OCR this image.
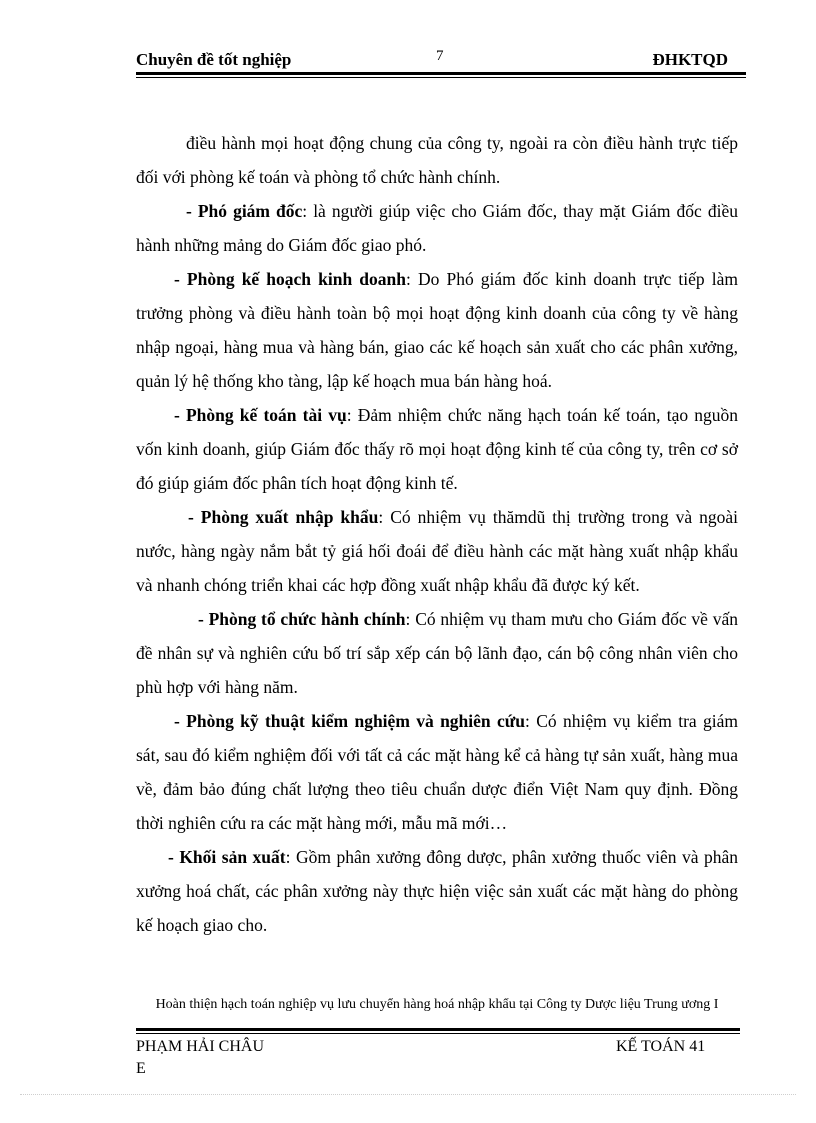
Chuyên đề tốt nghiệp	7	ĐHKTQD

điều hành mọi hoạt động chung của công ty, ngoài ra còn điều hành trực tiếp đối với phòng kế toán và phòng tổ chức hành chính.

- Phó giám đốc: là người giúp việc cho Giám đốc, thay mặt Giám đốc điều hành những mảng do Giám đốc giao phó.

- Phòng kế hoạch kinh doanh: Do Phó giám đốc kinh doanh trực tiếp làm trưởng phòng và điều hành toàn bộ mọi hoạt động kinh doanh của công ty về hàng nhập ngoại, hàng mua và hàng bán, giao các kế hoạch sản xuất cho các phân xưởng, quản lý hệ thống kho tàng, lập kế hoạch mua bán hàng hoá.

- Phòng kế toán tài vụ: Đảm nhiệm chức năng hạch toán kế toán, tạo nguồn vốn kinh doanh, giúp Giám đốc thấy rõ mọi hoạt động kinh tế của công ty, trên cơ sở đó giúp giám đốc phân tích hoạt động kinh tế.

- Phòng xuất nhập khẩu: Có nhiệm vụ thămdũ thị trường trong và ngoài nước, hàng ngày nắm bắt tỷ giá hối đoái để điều hành các mặt hàng xuất nhập khẩu và nhanh chóng triển khai các hợp đồng xuất nhập khẩu đã được ký kết.

- Phòng tổ chức hành chính: Có nhiệm vụ tham mưu cho Giám đốc về vấn đề nhân sự và nghiên cứu bố trí sắp xếp cán bộ lãnh đạo, cán bộ công nhân viên cho phù hợp với hàng năm.

- Phòng kỹ thuật kiểm nghiệm và nghiên cứu: Có nhiệm vụ kiểm tra giám sát, sau đó kiểm nghiệm đối với tất cả các mặt hàng kể cả hàng tự sản xuất, hàng mua về, đảm bảo đúng chất lượng theo tiêu chuẩn dược điển Việt Nam quy định. Đồng thời nghiên cứu ra các mặt hàng mới, mẫu mã mới…

- Khối sản xuất: Gồm phân xưởng đông dược, phân xưởng thuốc viên và phân xưởng hoá chất, các phân xưởng này thực hiện việc sản xuất các mặt hàng do phòng kế hoạch giao cho.

Hoàn thiện hạch toán nghiệp vụ lưu chuyển hàng hoá nhập khẩu tại Công ty Dược liệu Trung ương I
PHẠM HẢI CHÂU E
KẾ TOÁN 41
